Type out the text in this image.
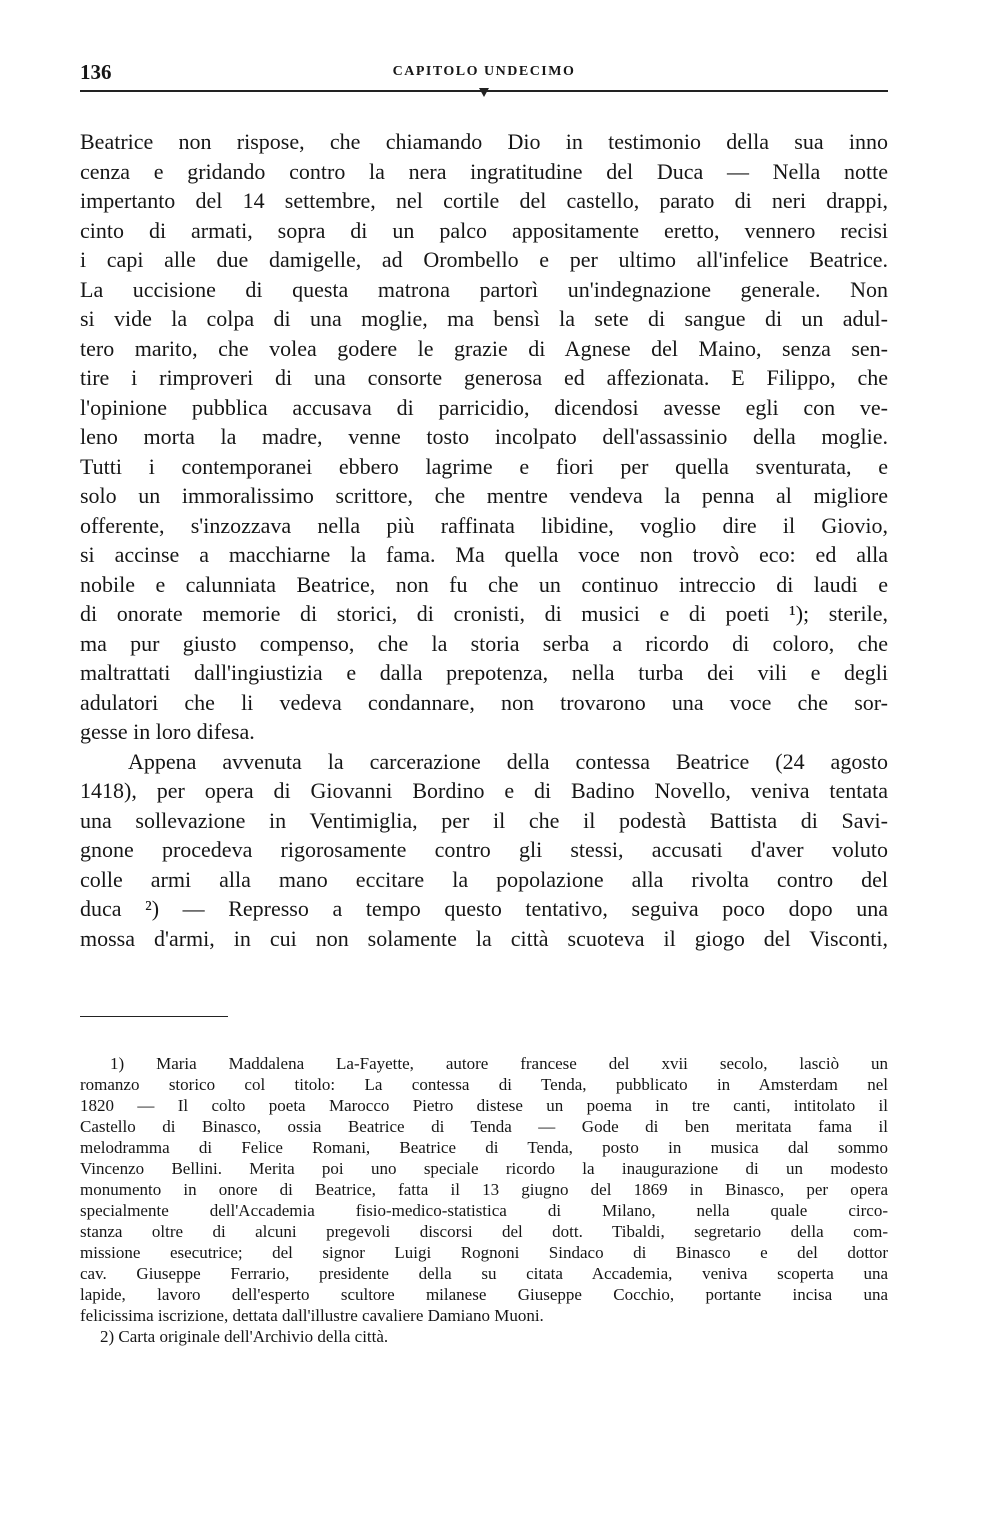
136	CAPITOLO UNDECIMO
Beatrice non rispose, che chiamando Dio in testimonio della sua inno
cenza e gridando contro la nera ingratitudine del Duca — Nella notte
impertanto del 14 settembre, nel cortile del castello, parato di neri drappi,
cinto di armati, sopra di un palco appositamente eretto, vennero recisi
i capi alle due damigelle, ad Orombello e per ultimo all'infelice Beatrice.
La uccisione di questa matrona partorì un'indegnazione generale. Non
si vide la colpa di una moglie, ma bensì la sete di sangue di un adul-
tero marito, che volea godere le grazie di Agnese del Maino, senza sen-
tire i rimproveri di una consorte generosa ed affezionata. E Filippo, che
l'opinione pubblica accusava di parricidio, dicendosi avesse egli con ve-
leno morta la madre, venne tosto incolpato dell'assassinio della moglie.
Tutti i contemporanei ebbero lagrime e fiori per quella sventurata, e
solo un immoralissimo scrittore, che mentre vendeva la penna al migliore
offerente, s'inzozzava nella più raffinata libidine, voglio dire il Giovio,
si accinse a macchiarne la fama. Ma quella voce non trovò eco: ed alla
nobile e calunniata Beatrice, non fu che un continuo intreccio di laudi e
di onorate memorie di storici, di cronisti, di musici e di poeti ¹); sterile,
ma pur giusto compenso, che la storia serba a ricordo di coloro, che
maltrattati dall'ingiustizia e dalla prepotenza, nella turba dei vili e degli
adulatori che li vedeva condannare, non trovarono una voce che sor-
gesse in loro difesa.
Appena avvenuta la carcerazione della contessa Beatrice (24 agosto
1418), per opera di Giovanni Bordino e di Badino Novello, veniva tentata
una sollevazione in Ventimiglia, per il che il podestà Battista di Savi-
gnone procedeva rigorosamente contro gli stessi, accusati d'aver voluto
colle armi alla mano eccitare la popolazione alla rivolta contro del
duca ²) — Represso a tempo questo tentativo, seguiva poco dopo una
mossa d'armi, in cui non solamente la città scuoteva il giogo del Visconti,
1) Maria Maddalena La-Fayette, autore francese del xvii secolo, lasciò un
romanzo storico col titolo: La contessa di Tenda, pubblicato in Amsterdam nel
1820 — Il colto poeta Marocco Pietro distese un poema in tre canti, intitolato il
Castello di Binasco, ossia Beatrice di Tenda — Gode di ben meritata fama il
melodramma di Felice Romani, Beatrice di Tenda, posto in musica dal sommo
Vincenzo Bellini. Merita poi uno speciale ricordo la inaugurazione di un modesto
monumento in onore di Beatrice, fatta il 13 giugno del 1869 in Binasco, per opera
specialmente dell'Accademia fisio-medico-statistica di Milano, nella quale circo-
stanza oltre di alcuni pregevoli discorsi del dott. Tibaldi, segretario della com-
missione esecutrice; del signor Luigi Rognoni Sindaco di Binasco e del dottor
cav. Giuseppe Ferrario, presidente della su citata Accademia, veniva scoperta una
lapide, lavoro dell'esperto scultore milanese Giuseppe Cocchio, portante incisa una
felicissima iscrizione, dettata dall'illustre cavaliere Damiano Muoni.
2) Carta originale dell'Archivio della città.
